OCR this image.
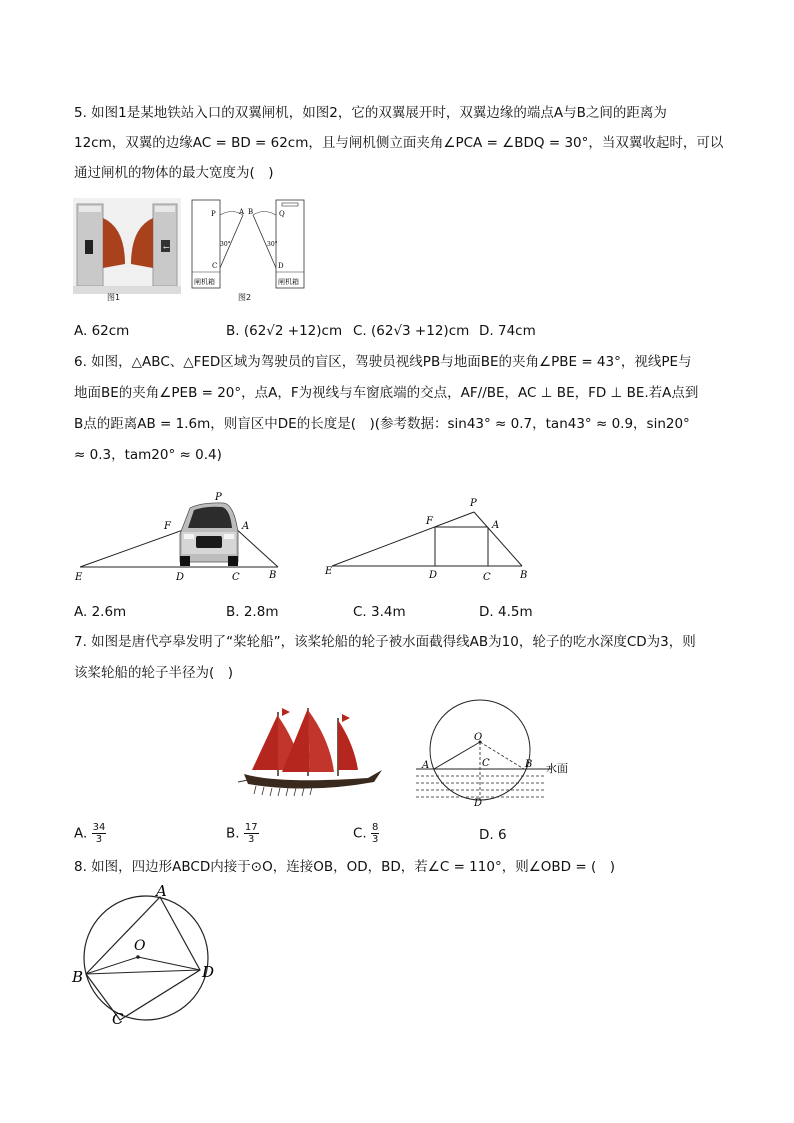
5. 如图1是某地铁站入口的双翼闸机，如图2，它的双翼展开时，双翼边缘的端点A与B之间的距离为
12cm，双翼的边缘AC = BD = 62cm，且与闸机侧立面夹角∠PCA = ∠BDQ = 30°，当双翼收起时，可以
通过闸机的物体的最大宽度为(　)
←
图1
P	A B	Q
30°	30°
C	D
闸机箱	闸机箱
图2
A. 62cm	B. (62√2 +12)cm C. (62√3 +12)cm D. 74cm
6. 如图，△ABC、△FED区域为驾驶员的盲区，驾驶员视线PB与地面BE的夹角∠PBE = 43°，视线PE与
地面BE的夹角∠PEB = 20°，点A，F为视线与车窗底端的交点，AF//BE，AC ⊥ BE，FD ⊥ BE.若A点到
B点的距离AB = 1.6m，则盲区中DE的长度是(　)(参考数据：sin43° ≈ 0.7，tan43° ≈ 0.9，sin20°
≈ 0.3，tam20° ≈ 0.4)
P
F	A
E	D	C	B
P
F	A
E	D	C	B
A. 2.6m	B. 2.8m	C. 3.4m	D. 4.5m
7. 如图是唐代亭皋发明了“桨轮船”，该桨轮船的轮子被水面截得线AB为10，轮子的吃水深度CD为3，则
该桨轮船的轮子半径为(　)
O
A	C	B
D
水面
A. $\frac{34}{3}$	B. $\frac{17}{3}$	C. $\frac{8}{3}$	D. 6
8. 如图，四边形ABCD内接于⊙O，连接OB，OD，BD，若∠C = 110°，则∠OBD = (　)
A
O
B	D
C
